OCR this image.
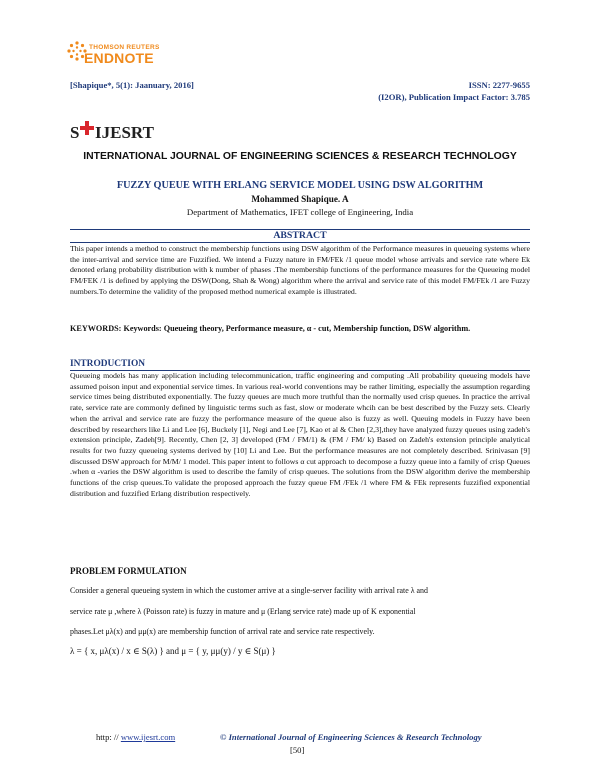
THOMSON REUTERS
ENDNOTE
[Shapique*, 5(1): Jaanuary, 2016]	ISSN: 2277-9655
(I2OR), Publication Impact Factor: 3.785
S IJESRT
INTERNATIONAL JOURNAL OF ENGINEERING SCIENCES & RESEARCH TECHNOLOGY
FUZZY QUEUE WITH ERLANG SERVICE MODEL USING DSW ALGORITHM
Mohammed Shapique. A
Department of Mathematics, IFET college of Engineering, India
ABSTRACT
This paper intends a method to construct the membership functions using DSW algorithm of the Performance measures in queueing systems where the inter-arrival and service time are Fuzzified. We intend a Fuzzy nature in FM/FEk /1 queue model whose arrivals and service rate where Ek denoted erlang probability distribution with k number of phases .The membership functions of the performance measures for the Queueing model FM/FEK /1 is defined by applying the DSW(Dong, Shah & Wong) algorithm where the arrival and service rate of this model FM/FEk /1 are Fuzzy numbers.To determine the validity of the proposed method numerical example is illustrated.
KEYWORDS: Keywords: Queueing theory, Performance measure, α - cut, Membership function, DSW algorithm.
INTRODUCTION
Queueing models has many application including telecommunication, traffic engineering and computing .All probability queueing models have assumed poison input and exponential service times. In various real-world conventions may be rather limiting, especially the assumption regarding service times being distributed exponentially. The fuzzy queues are much more truthful than the normally used crisp queues. In practice the arrival rate, service rate are commonly defined by linguistic terms such as fast, slow or moderate whcih can be best described by the Fuzzy sets. Clearly when the arrival and service rate are fuzzy the performance measure of the queue also is fuzzy as well. Queuing models in Fuzzy have been described by researchers like Li and Lee [6], Buckely [1], Negi and Lee [7], Kao et al & Chen [2,3],they have analyzed fuzzy queues using zadeh's extension principle, Zadeh[9]. Recently, Chen [2, 3] developed (FM / FM/1) & (FM / FM/ k) Based on Zadeh's extension principle analytical results for two fuzzy queueing systems derived by [10] Li and Lee. But the performance measures are not completely described. Srinivasan [9] discussed DSW approach for M/M/ 1 model. This paper intent to follows α cut approach to decompose a fuzzy queue into a family of crisp Queues .when α -varies the DSW algorithm is used to describe the family of crisp queues. The solutions from the DSW algorithm derive the membership functions of the crisp queues.To validate the proposed approach the fuzzy queue FM /FEk /1 where FM & FEk represents fuzzified exponential distribution and fuzzified Erlang distribution respectively.
PROBLEM FORMULATION
Consider a general queueing system in which the customer arrive at a single-server facility with arrival rate λ and
service rate μ ,where λ (Poisson rate) is fuzzy in mature and μ (Erlang service rate) made up of K exponential
phases.Let μλ(x) and μμ(x) are membership function of arrival rate and service rate respectively.
λ = { x, μλ(x) / x ∈ S(λ) } and μ = { y, μμ(y) / y ∈ S(μ) }
http: // www.ijesrt.com	© International Journal of Engineering Sciences & Research Technology
[50]
